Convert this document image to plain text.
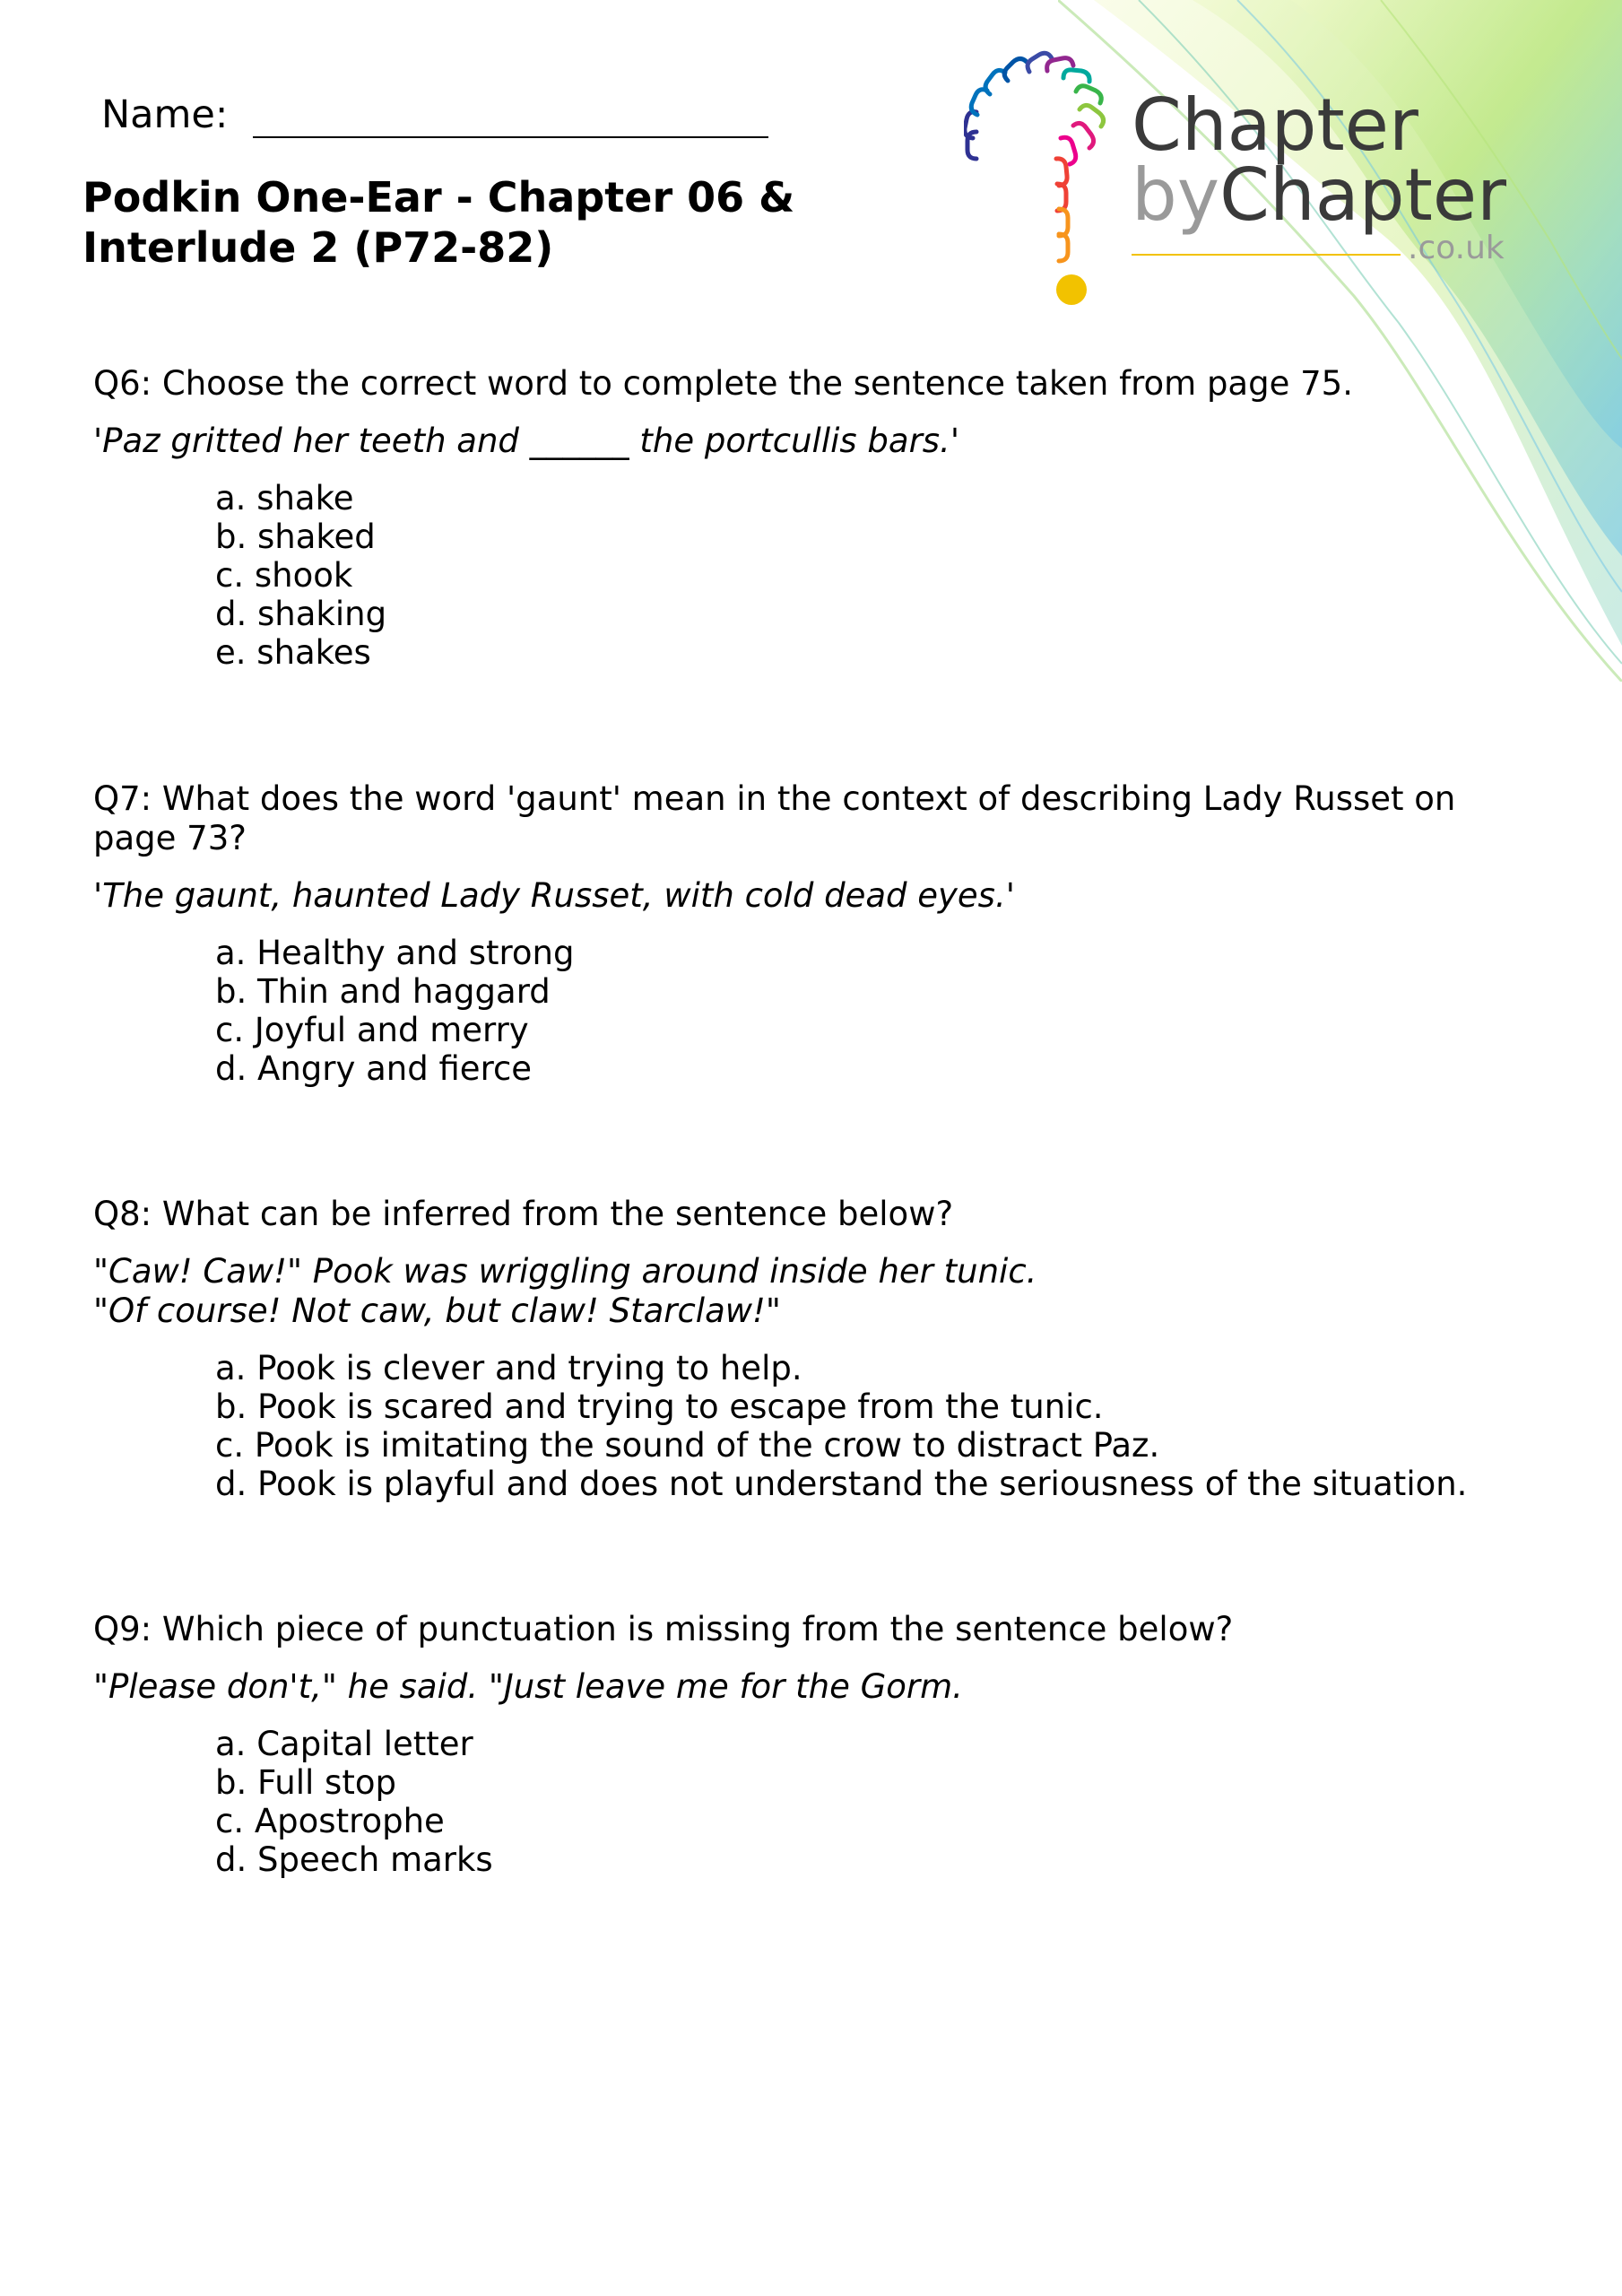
Name:
Podkin One-Ear - Chapter 06 & Interlude 2 (P72-82)
Chapter
byChapter
.co.uk

Q6: Choose the correct word to complete the sentence taken from page 75.

'Paz gritted her teeth and ______ the portcullis bars.'

a. shake
b. shaked
c. shook
d. shaking
e. shakes

Q7: What does the word 'gaunt' mean in the context of describing Lady Russet on page 73?

'The gaunt, haunted Lady Russet, with cold dead eyes.'

a. Healthy and strong
b. Thin and haggard
c. Joyful and merry
d. Angry and fierce

Q8: What can be inferred from the sentence below?

"Caw! Caw!" Pook was wriggling around inside her tunic.
"Of course! Not caw, but claw! Starclaw!"

a. Pook is clever and trying to help.
b. Pook is scared and trying to escape from the tunic.
c. Pook is imitating the sound of the crow to distract Paz.
d. Pook is playful and does not understand the seriousness of the situation.

Q9: Which piece of punctuation is missing from the sentence below?

"Please don't," he said. "Just leave me for the Gorm.

a. Capital letter
b. Full stop
c. Apostrophe
d. Speech marks
